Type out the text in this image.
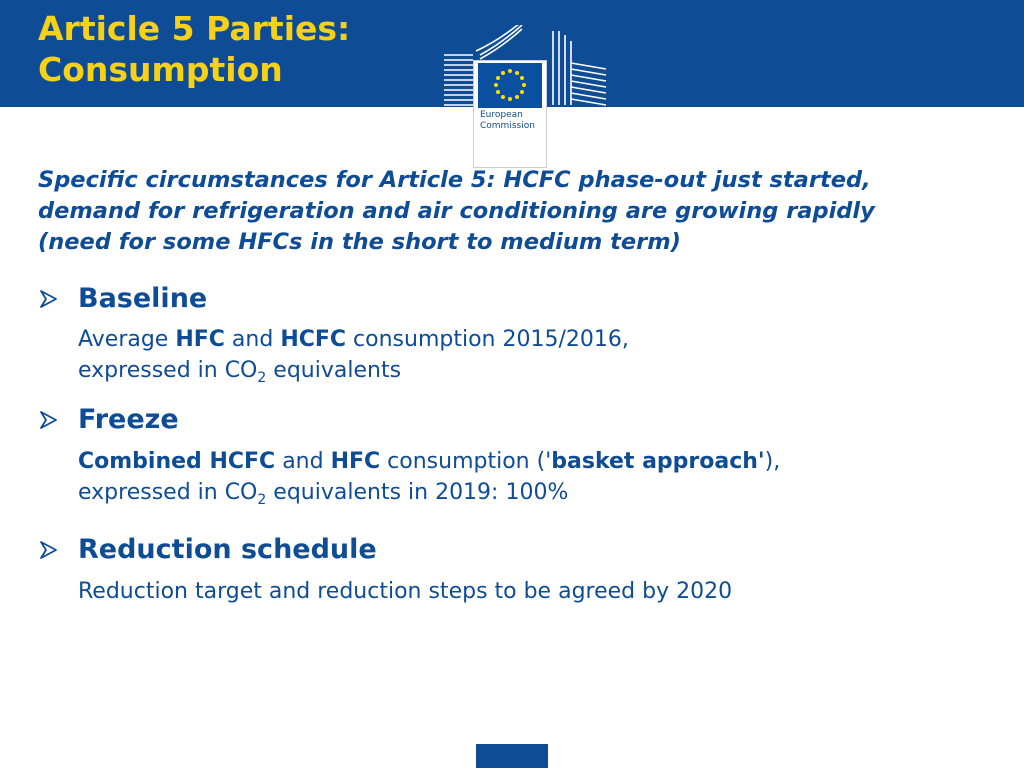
Article 5 Parties:
Consumption
European
Commission

Specific circumstances for Article 5: HCFC phase-out just started,
demand for refrigeration and air conditioning are growing rapidly
(need for some HFCs in the short to medium term)

Baseline
Average HFC and HCFC consumption 2015/2016,
expressed in $CO_2$ equivalents
Freeze
Combined HCFC and HFC consumption ('basket approach'),
expressed in $CO_2$ equivalents in 2019: 100%
Reduction schedule
Reduction target and reduction steps to be agreed by 2020
